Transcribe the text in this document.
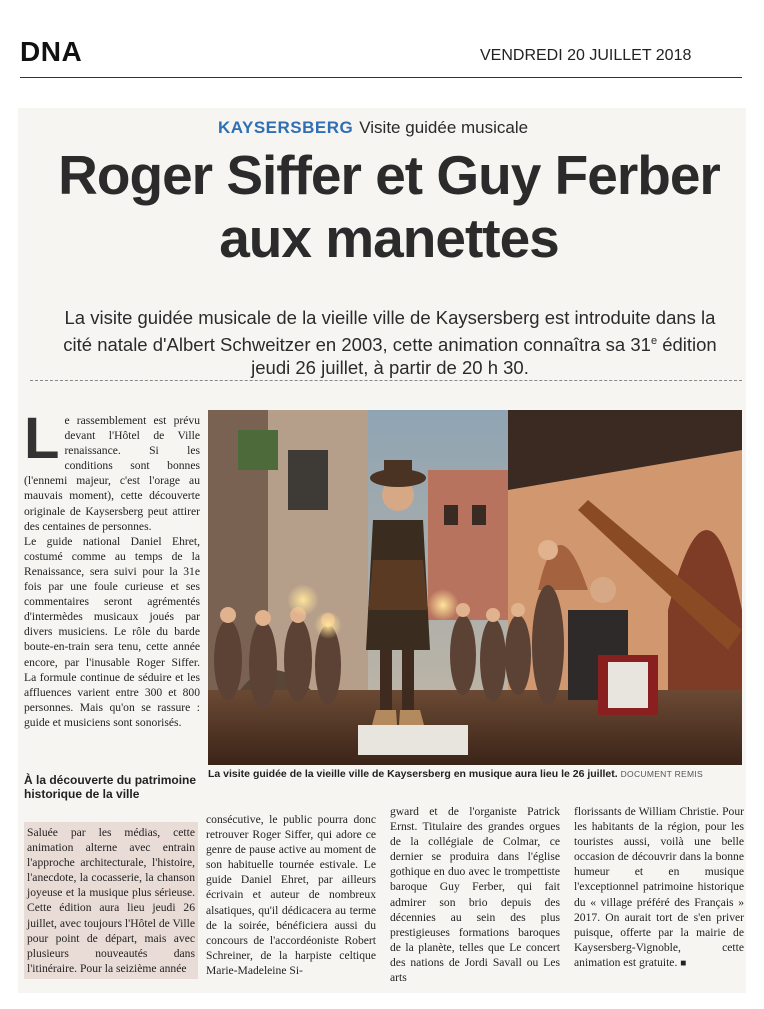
DNA	VENDREDI 20 JUILLET 2018
KAYSERSBERG Visite guidée musicale
Roger Siffer et Guy Ferber aux manettes
La visite guidée musicale de la vieille ville de Kaysersberg est introduite dans la cité natale d'Albert Schweitzer en 2003, cette animation connaîtra sa 31e édition jeudi 26 juillet, à partir de 20 h 30.

Le rassemblement est prévu devant l'Hôtel de Ville renaissance. Si les conditions sont bonnes (l'ennemi majeur, c'est l'orage au mauvais moment), cette découverte originale de Kaysersberg peut attirer des centaines de personnes.

Le guide national Daniel Ehret, costumé comme au temps de la Renaissance, sera suivi pour la 31e fois par une foule curieuse et ses commentaires seront agrémentés d'intermèdes musicaux joués par divers musiciens. Le rôle du barde boute-en-train sera tenu, cette année encore, par l'inusable Roger Siffer. La formule continue de séduire et les affluences varient entre 300 et 800 personnes. Mais qu'on se rassure : guide et musiciens sont sonorisés.

À la découverte du patrimoine historique de la ville
Saluée par les médias, cette animation alterne avec entrain l'approche architecturale, l'histoire, l'anecdote, la cocasserie, la chanson joyeuse et la musique plus sérieuse. Cette édition aura lieu jeudi 26 juillet, avec toujours l'Hôtel de Ville pour point de départ, mais avec plusieurs nouveautés dans l'itinéraire. Pour la seizième année
La visite guidée de la vieille ville de Kaysersberg en musique aura lieu le 26 juillet. DOCUMENT REMIS
consécutive, le public pourra donc retrouver Roger Siffer, qui adore ce genre de pause active au moment de son habituelle tournée estivale. Le guide Daniel Ehret, par ailleurs écrivain et auteur de nombreux alsatiques, qu'il dédicacera au terme de la soirée, bénéficiera aussi du concours de l'accordéoniste Robert Schreiner, de la harpiste celtique Marie-Madeleine Si-
gward et de l'organiste Patrick Ernst. Titulaire des grandes orgues de la collégiale de Colmar, ce dernier se produira dans l'église gothique en duo avec le trompettiste baroque Guy Ferber, qui fait admirer son brio depuis des décennies au sein des plus prestigieuses formations baroques de la planète, telles que Le concert des nations de Jordi Savall ou Les arts
florissants de William Christie. Pour les habitants de la région, pour les touristes aussi, voilà une belle occasion de découvrir dans la bonne humeur et en musique l'exceptionnel patrimoine historique du « village préféré des Français » 2017. On aurait tort de s'en priver puisque, offerte par la mairie de Kaysersberg-Vignoble, cette animation est gratuite. ■
